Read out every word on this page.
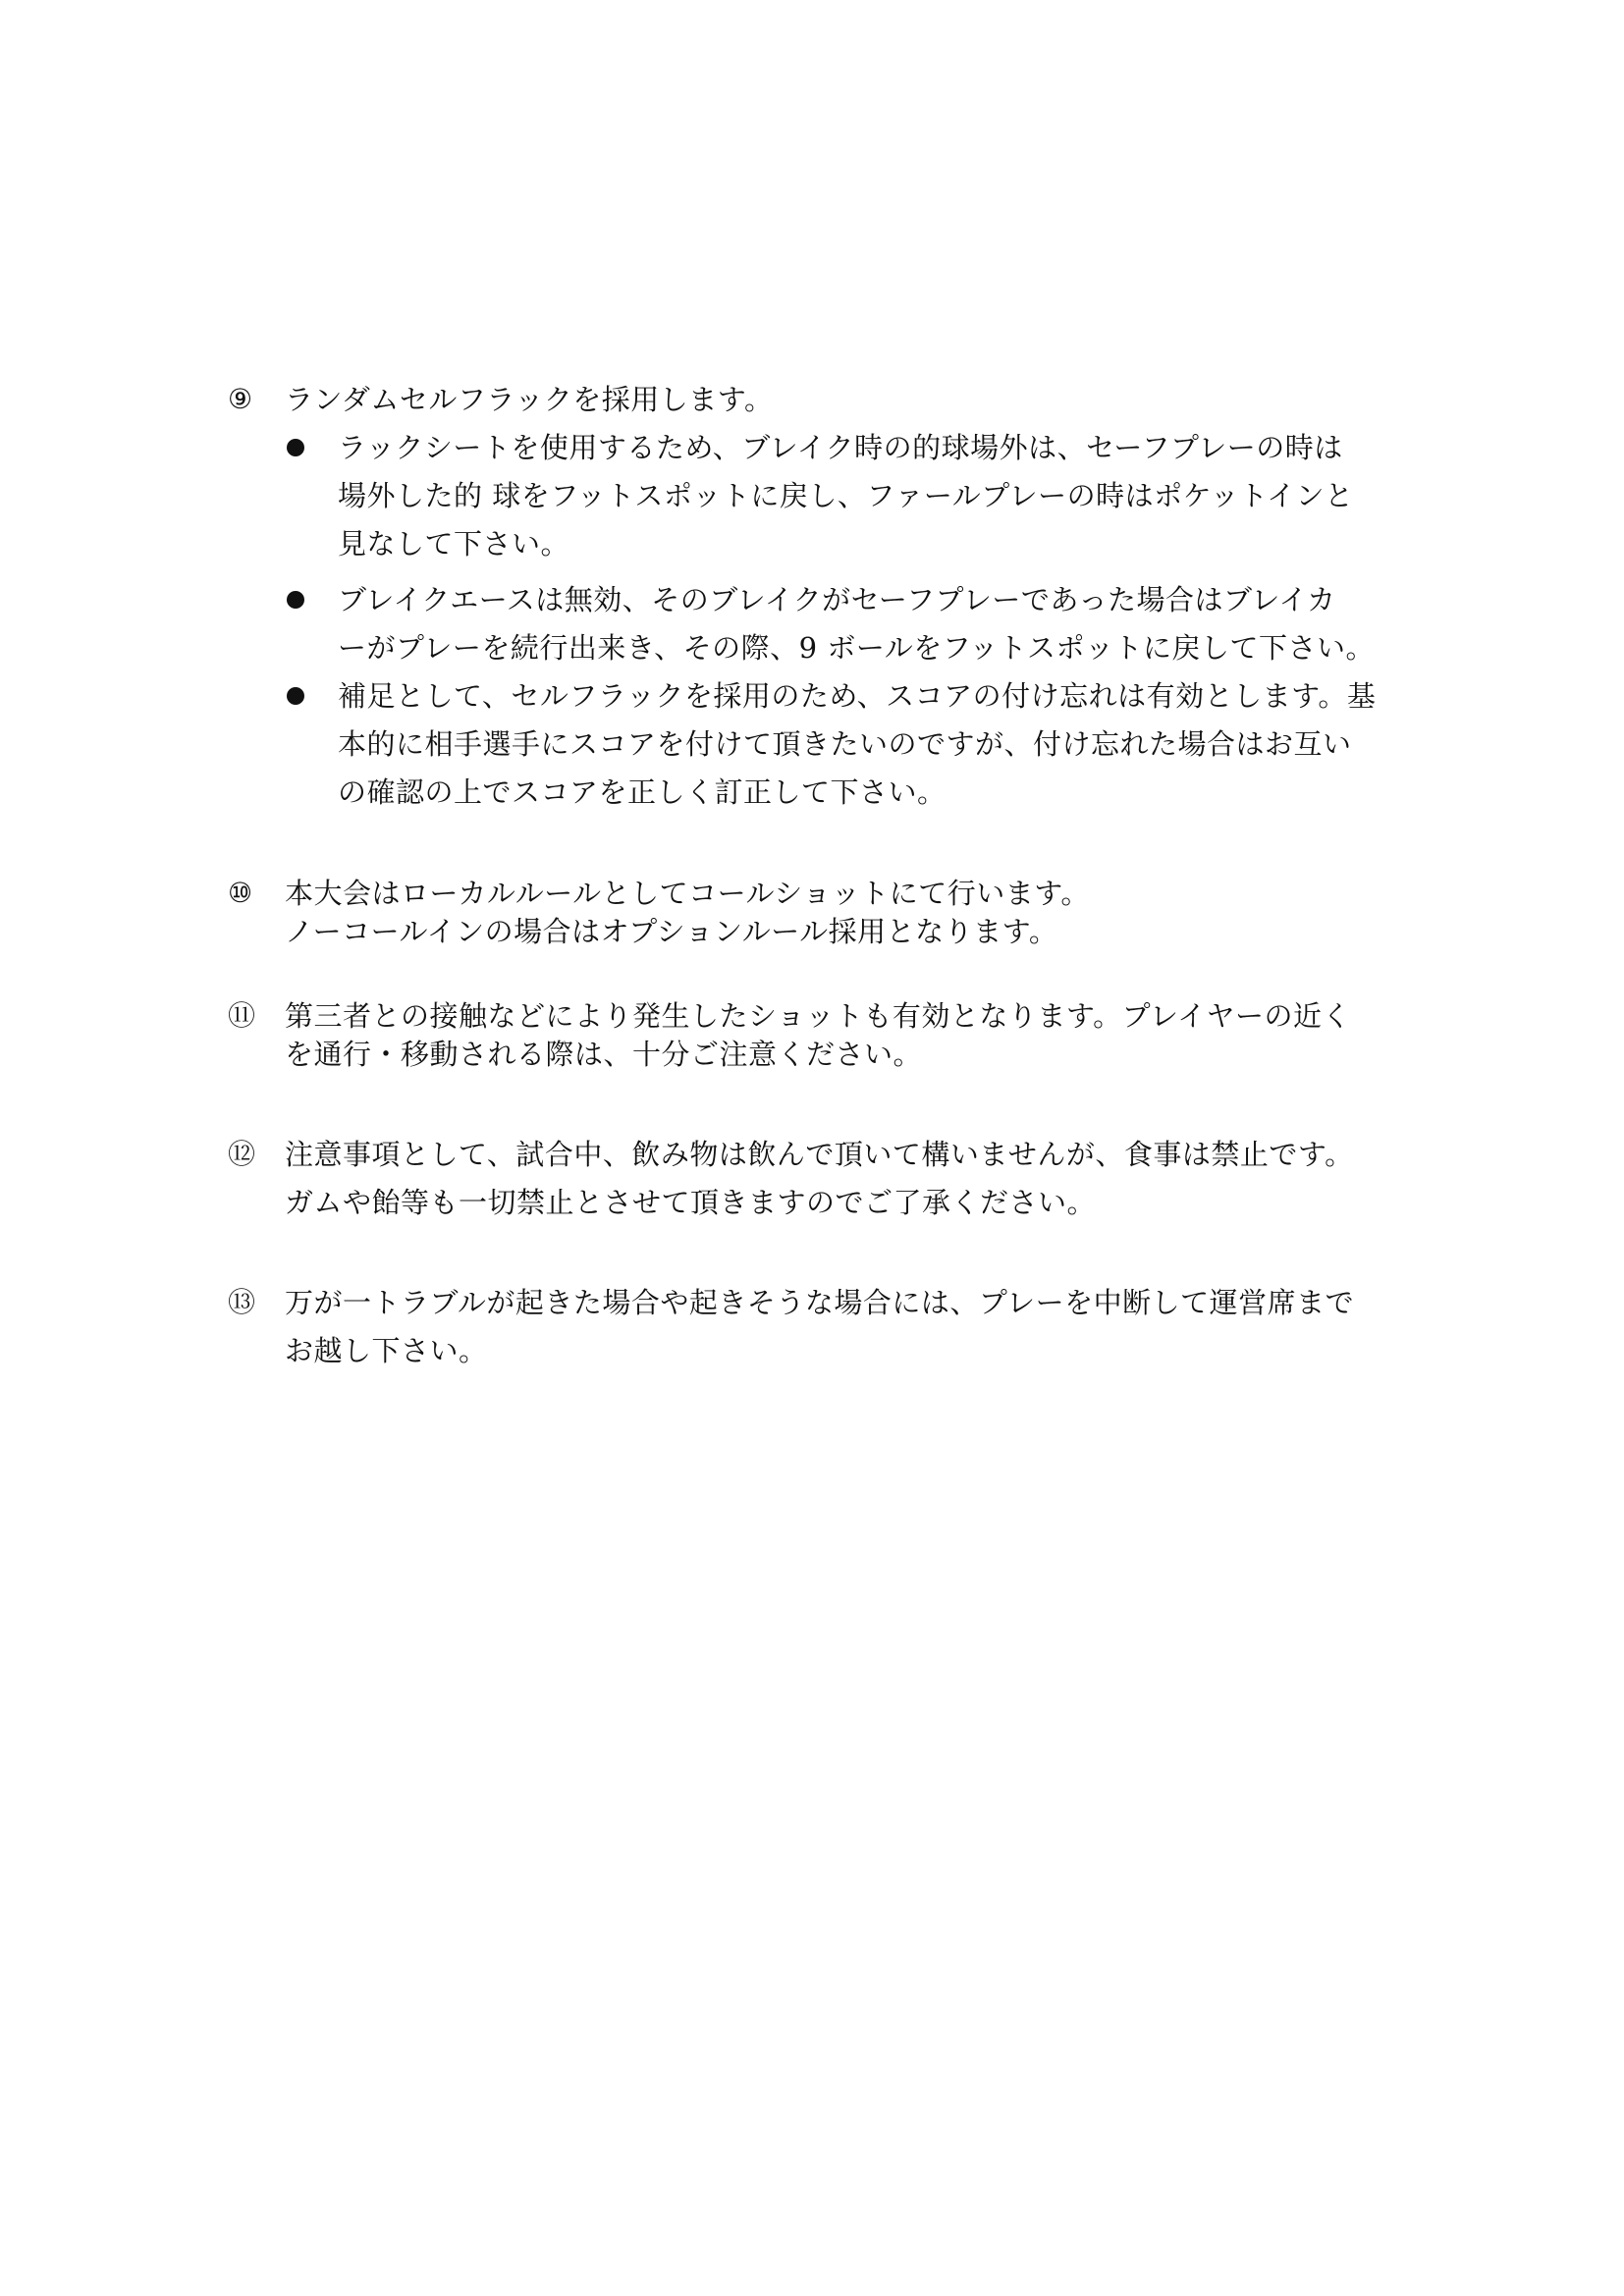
⑨ ランダムセルフラックを採用します。
ラックシートを使用するため、ブレイク時の的球場外は、セーフプレーの時は
場外した的 球をフットスポットに戻し、ファールプレーの時はポケットインと
見なして下さい。
ブレイクエースは無効、そのブレイクがセーフプレーであった場合はブレイカ
ーがプレーを続行出来き、その際、9 ボールをフットスポットに戻して下さい。
補足として、セルフラックを採用のため、スコアの付け忘れは有効とします。基
本的に相手選手にスコアを付けて頂きたいのですが、付け忘れた場合はお互い
の確認の上でスコアを正しく訂正して下さい。
⑩ 本大会はローカルルールとしてコールショットにて行います。
ノーコールインの場合はオプションルール採用となります。
⑪ 第三者との接触などにより発生したショットも有効となります。プレイヤーの近く
を通行・移動される際は、十分ご注意ください。
⑫ 注意事項として、試合中、飲み物は飲んで頂いて構いませんが、食事は禁止です。
ガムや飴等も一切禁止とさせて頂きますのでご了承ください。
⑬ 万が一トラブルが起きた場合や起きそうな場合には、プレーを中断して運営席まで
お越し下さい。
